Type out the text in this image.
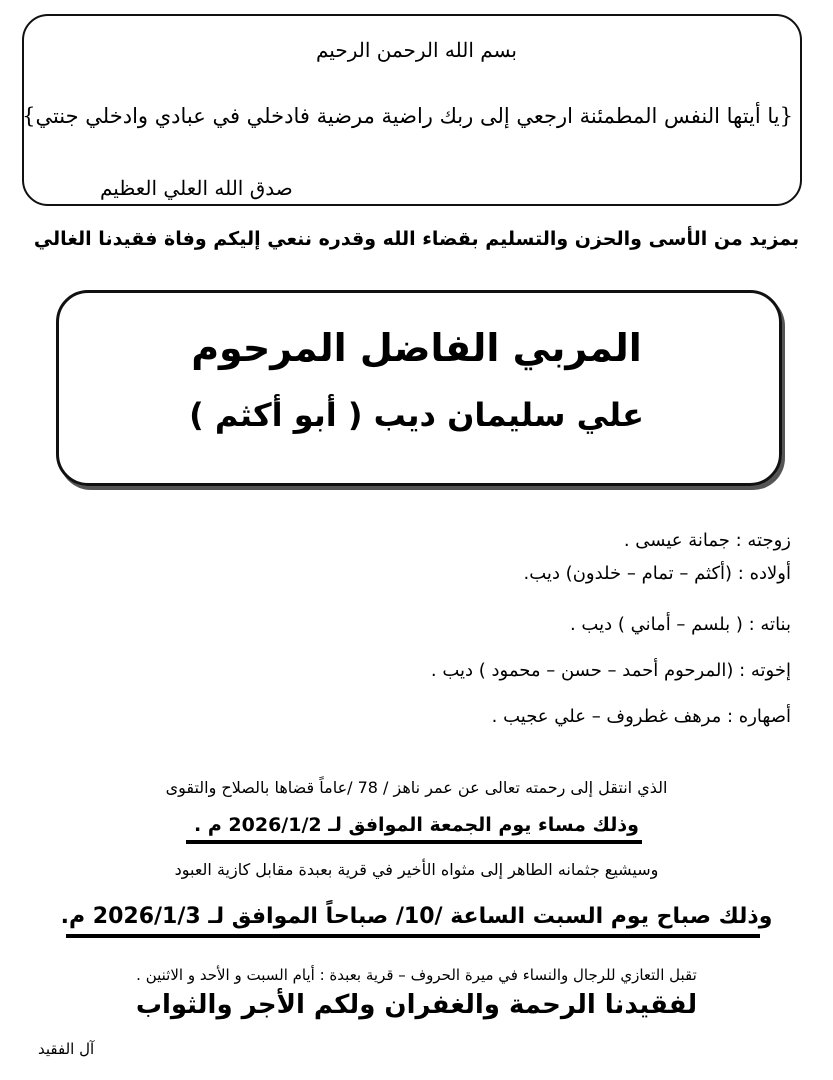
بسم الله الرحمن الرحيم
{يا أيتها النفس المطمئنة ارجعي إلى ربك راضية مرضية فادخلي في عبادي وادخلي جنتي}
صدق الله العلي العظيم
بمزيد من الأسى والحزن والتسليم بقضاء الله وقدره ننعي إليكم وفاة فقيدنا الغالي
المربي الفاضل المرحوم
علي سليمان ديب ( أبو أكثم )
زوجته : جمانة عيسى .
أولاده : (أكثم – تمام – خلدون) ديب.
بناته : ( بلسم – أماني ) ديب .
إخوته : (المرحوم أحمد – حسن – محمود ) ديب .
أصهاره : مرهف غطروف – علي عجيب .
الذي انتقل إلى رحمته تعالى عن عمر ناهز / 78 /عاماً قضاها بالصلاح والتقوى
وذلك مساء يوم الجمعة الموافق لـ 2026/1/2 م .
وسيشيع جثمانه الطاهر إلى مثواه الأخير في قرية بعبدة مقابل كازية العبود
وذلك صباح يوم السبت الساعة /10/ صباحاً الموافق لـ 2026/1/3 م.
تقبل التعازي للرجال والنساء في ميرة الحروف – قرية بعبدة : أيام السبت و الأحد و الاثنين .
لفقيدنا الرحمة والغفران ولكم الأجر والثواب
آل الفقيد
